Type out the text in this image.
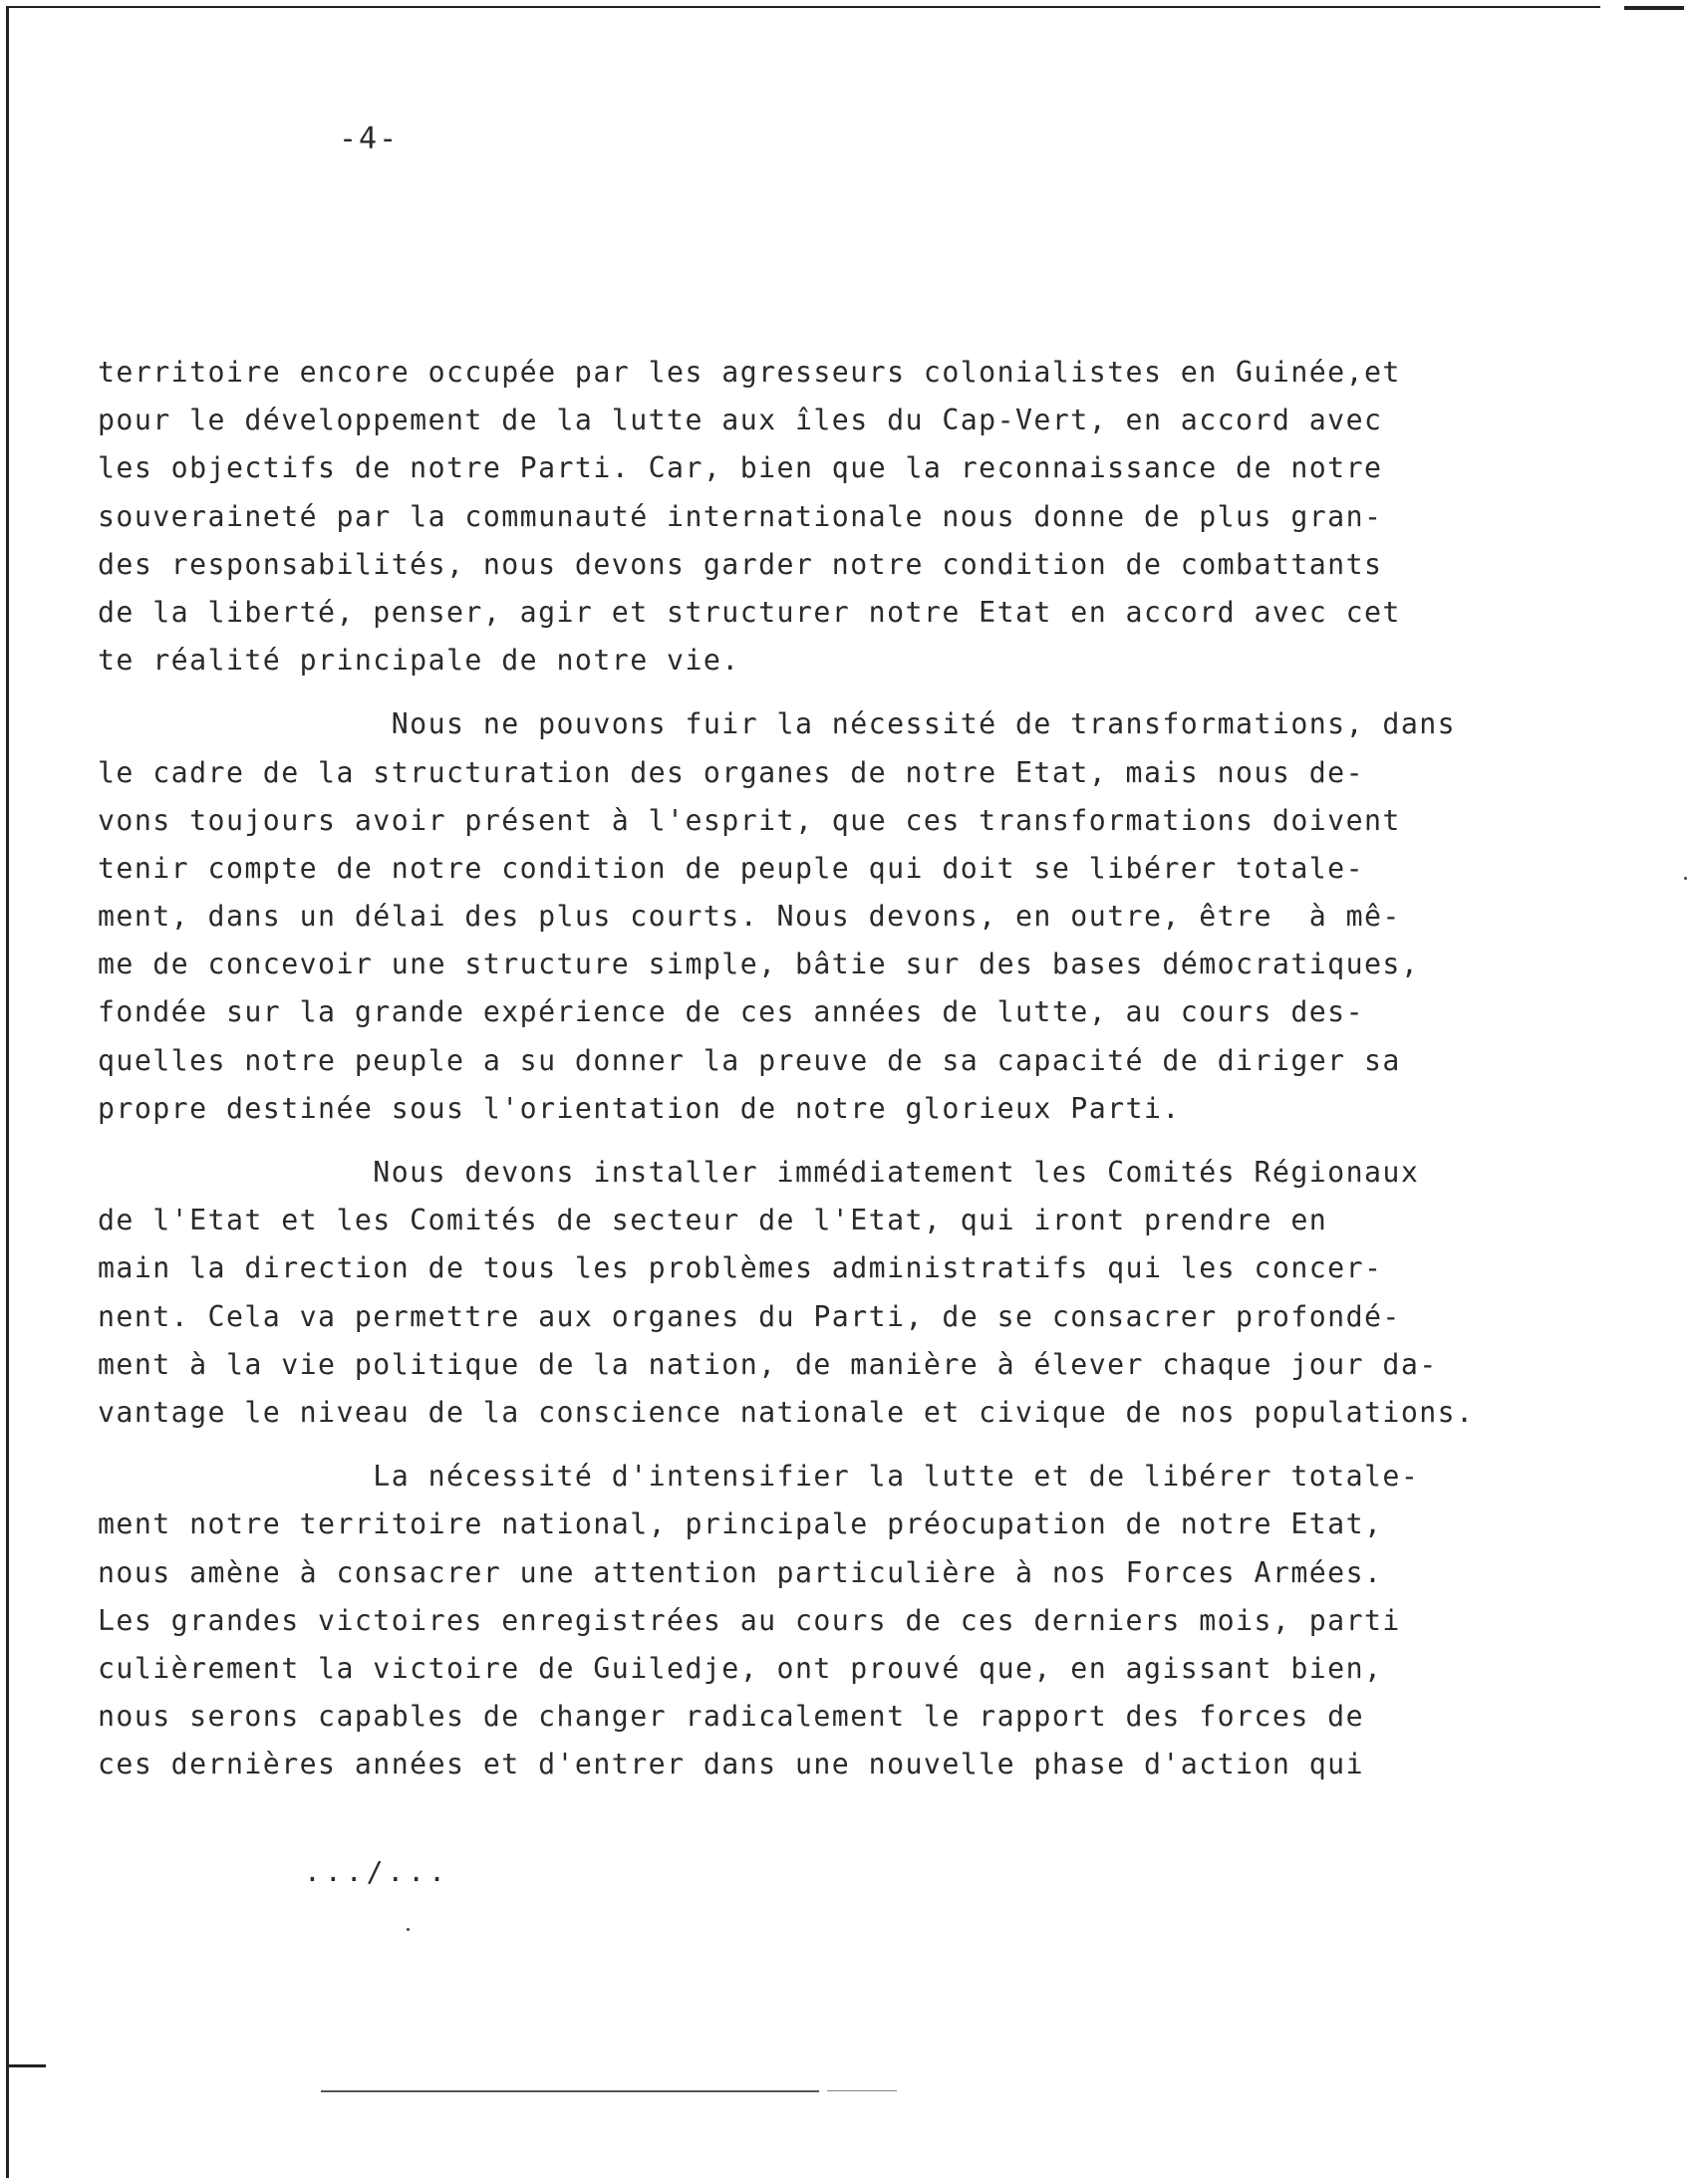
-4-
territoire encore occupée par les agresseurs colonialistes en Guinée,et
pour le développement de la lutte aux îles du Cap-Vert, en accord avec
les objectifs de notre Parti. Car, bien que la reconnaissance de notre
souveraineté par la communauté internationale nous donne de plus gran-
des responsabilités, nous devons garder notre condition de combattants
de la liberté, penser, agir et structurer notre Etat en accord avec cet
te réalité principale de notre vie.
Nous ne pouvons fuir la nécessité de transformations, dans
le cadre de la structuration des organes de notre Etat, mais nous de-
vons toujours avoir présent à l'esprit, que ces transformations doivent
tenir compte de notre condition de peuple qui doit se libérer totale-
ment, dans un délai des plus courts. Nous devons, en outre, être  à mê-
me de concevoir une structure simple, bâtie sur des bases démocratiques,
fondée sur la grande expérience de ces années de lutte, au cours des-
quelles notre peuple a su donner la preuve de sa capacité de diriger sa
propre destinée sous l'orientation de notre glorieux Parti.
Nous devons installer immédiatement les Comités Régionaux
de l'Etat et les Comités de secteur de l'Etat, qui iront prendre en
main la direction de tous les problèmes administratifs qui les concer-
nent. Cela va permettre aux organes du Parti, de se consacrer profondé-
ment à la vie politique de la nation, de manière à élever chaque jour da-
vantage le niveau de la conscience nationale et civique de nos populations.
La nécessité d'intensifier la lutte et de libérer totale-
ment notre territoire national, principale préocupation de notre Etat,
nous amène à consacrer une attention particulière à nos Forces Armées.
Les grandes victoires enregistrées au cours de ces derniers mois, parti
culièrement la victoire de Guiledje, ont prouvé que, en agissant bien,
nous serons capables de changer radicalement le rapport des forces de
ces dernières années et d'entrer dans une nouvelle phase d'action qui
.../...
